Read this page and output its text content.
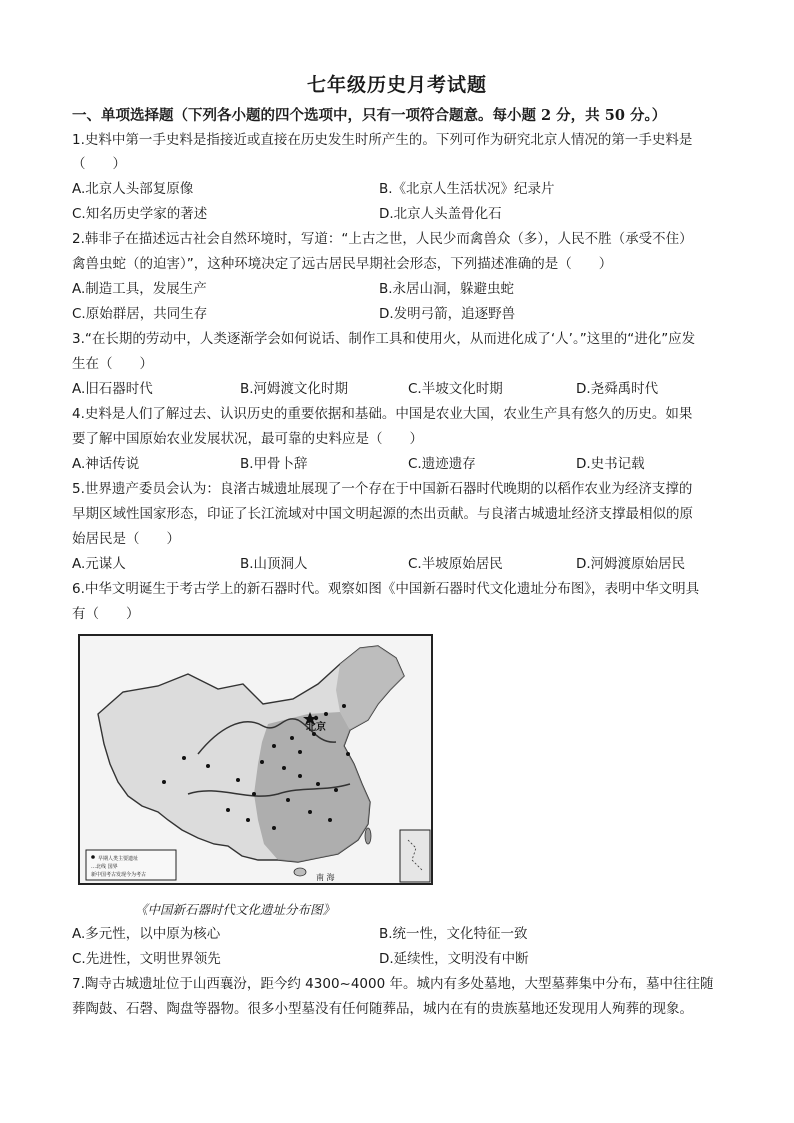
七年级历史月考试题
一、单项选择题（下列各小题的四个选项中，只有一项符合题意。每小题 2 分，共 50 分。）
1.史料中第一手史料是指接近或直接在历史发生时所产生的。下列可作为研究北京人情况的第一手史料是
（　　）
A.北京人头部复原像	B.《北京人生活状况》纪录片
C.知名历史学家的著述	D.北京人头盖骨化石
2.韩非子在描述远古社会自然环境时，写道：“上古之世，人民少而禽兽众（多），人民不胜（承受不住）
禽兽虫蛇（的迫害）”，这种环境决定了远古居民早期社会形态，下列描述准确的是（　　）
A.制造工具，发展生产	B.永居山洞，躲避虫蛇
C.原始群居，共同生存	D.发明弓箭，追逐野兽
3.“在长期的劳动中，人类逐渐学会如何说话、制作工具和使用火，从而进化成了‘人’。”这里的“进化”应发
生在（　　）
A.旧石器时代	B.河姆渡文化时期	C.半坡文化时期	D.尧舜禹时代
4.史料是人们了解过去、认识历史的重要依据和基础。中国是农业大国，农业生产具有悠久的历史。如果
要了解中国原始农业发展状况，最可靠的史料应是（　　）
A.神话传说	B.甲骨卜辞	C.遗迹遗存	D.史书记载
5.世界遗产委员会认为：良渚古城遗址展现了一个存在于中国新石器时代晚期的以稻作农业为经济支撑的
早期区域性国家形态，印证了长江流域对中国文明起源的杰出贡献。与良渚古城遗址经济支撑最相似的原
始居民是（　　）
A.元谋人	B.山顶洞人	C.半坡原始居民	D.河姆渡原始居民
6.中华文明诞生于考古学上的新石器时代。观察如图《中国新石器时代文化遗址分布图》，表明中华文明具
有（　　）
北京
南 海
早期人类主要遗址
…北线 国界
新中国考古发现今为考古
《中国新石器时代文化遗址分布图》
A.多元性，以中原为核心	B.统一性，文化特征一致
C.先进性，文明世界领先	D.延续性，文明没有中断
7.陶寺古城遗址位于山西襄汾，距今约 4300~4000 年。城内有多处墓地，大型墓葬集中分布，墓中往往随
葬陶鼓、石磬、陶盘等器物。很多小型墓没有任何随葬品，城内在有的贵族墓地还发现用人殉葬的现象。
